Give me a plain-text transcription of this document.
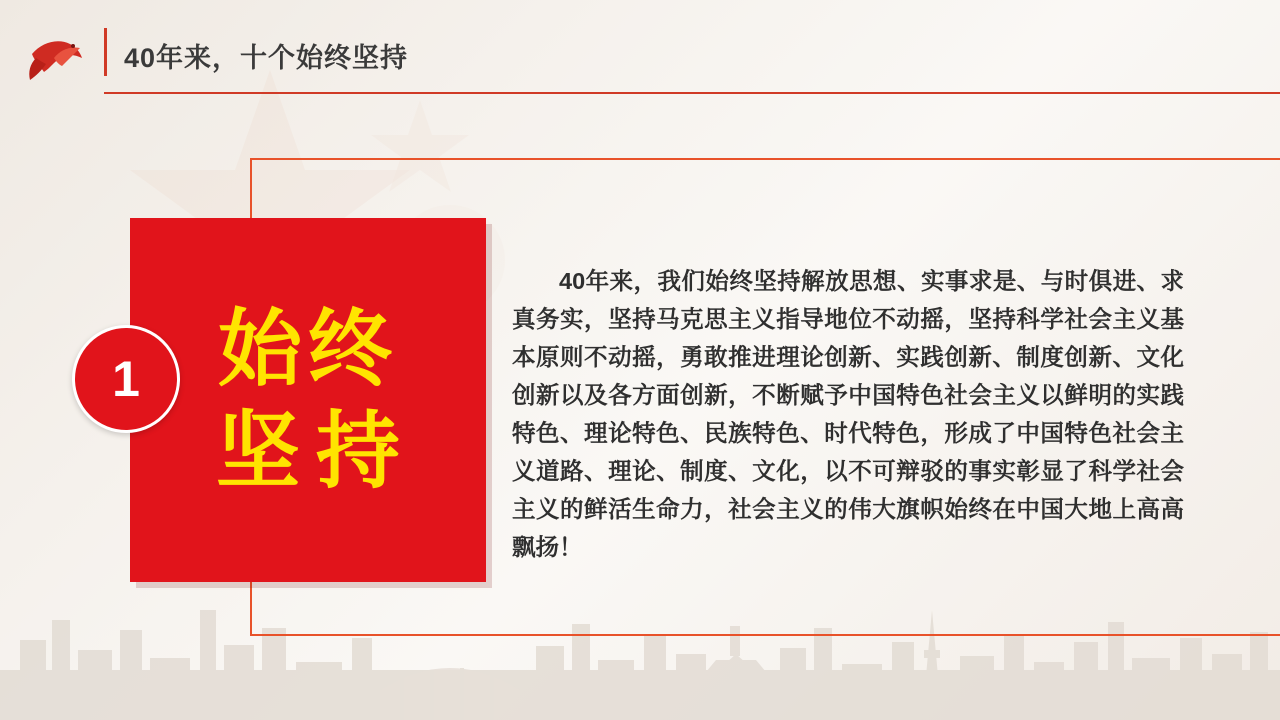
40年来，十个始终坚持
始终
坚持
1
40年来，我们始终坚持解放思想、实事求是、与时俱进、求真务实，坚持马克思主义指导地位不动摇，坚持科学社会主义基本原则不动摇，勇敢推进理论创新、实践创新、制度创新、文化创新以及各方面创新，不断赋予中国特色社会主义以鲜明的实践特色、理论特色、民族特色、时代特色，形成了中国特色社会主义道路、理论、制度、文化，以不可辩驳的事实彰显了科学社会主义的鲜活生命力，社会主义的伟大旗帜始终在中国大地上高高飘扬！
